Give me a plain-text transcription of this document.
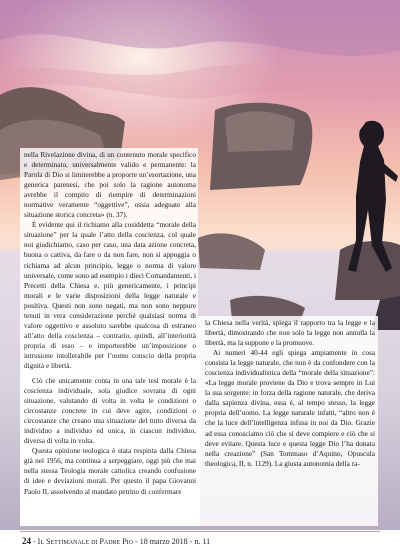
nella Rivelazione divina, di un contenuto morale specifico e determinato, universalmente valido e permanente: la Parola di Dio si limiterebbe a proporre un’esortazione, una generica parenesi, che poi solo la ragione autonoma avrebbe il compito di riempire di determinazioni normative veramente “oggettive”, ossia adeguate alla situazione storica concreta» (n. 37).

È evidente qui il richiamo alla cosiddetta “morale della situazione” per la quale l’atto della coscienza, col quale noi giudichiamo, caso per caso, una data azione concreta, buona o cattiva, da fare o da non fare, non si appoggia o richiama ad alcun principio, legge o norma di valore universale, come sono ad esempio i dieci Comandamenti, i Precetti della Chiesa e, più genericamente, i principi morali e le varie disposizioni della legge naturale e positiva. Questi non sono negati, ma non sono neppure tenuti in vera considerazione perché qualsiasi norma di valore oggettivo e assoluto sarebbe qualcosa di estraneo all’atto della coscienza – contrario, quindi, all’interiorità propria di esso – e importerebbe un’imposizione o intrusione intollerabile per l’uomo conscio della propria dignità e libertà.

Ciò che unicamente conta in una tale tesi morale è la coscienza individuale, sola giudice sovrana di ogni situazione, valutando di volta in volta le condizioni o circostanze concrete in cui deve agire, condizioni o circostanze che creano una situazione del tutto diversa da individuo a individuo ed unica, in ciascun individuo, diversa di volta in volta.

Questa opinione teologica è stata respinta dalla Chiesa già nel 1956, ma continua a serpeggiare, oggi più che mai nella stessa Teologia morale cattolica creando confusione di idee e deviazioni morali. Per questo il papa Giovanni Paolo II, assolvendo al mandato petrino di confermare

la Chiesa nella verità, spiega il rapporto tra la legge e la libertà, dimostrando che non solo la legge non annulla la libertà, ma la suppone e la promuove.

Ai numeri 40-44 egli spiega ampiamente in cosa consista la legge naturale, che non è da confondere con la coscienza individualistica della “morale della situazione”: «La legge morale proviene da Dio e trova sempre in Lui la sua sorgente: in forza della ragione naturale, che deriva dalla sapienza divina, essa è, al tempo stesso, la legge propria dell’uomo. La legge naturale infatti, “altro non è che la luce dell’intelligenza infusa in noi da Dio. Grazie ad essa conosciamo ciò che si deve compiere e ciò che si deve evitare. Questa luce e questa legge Dio l’ha donata nella creazione” (San Tommaso d’Aquino, Opuscula theologica, II, n. 1129). La giusta autonomia della ra-

24 - Il Settimanale di Padre Pio - 18 marzo 2018 - n. 11
